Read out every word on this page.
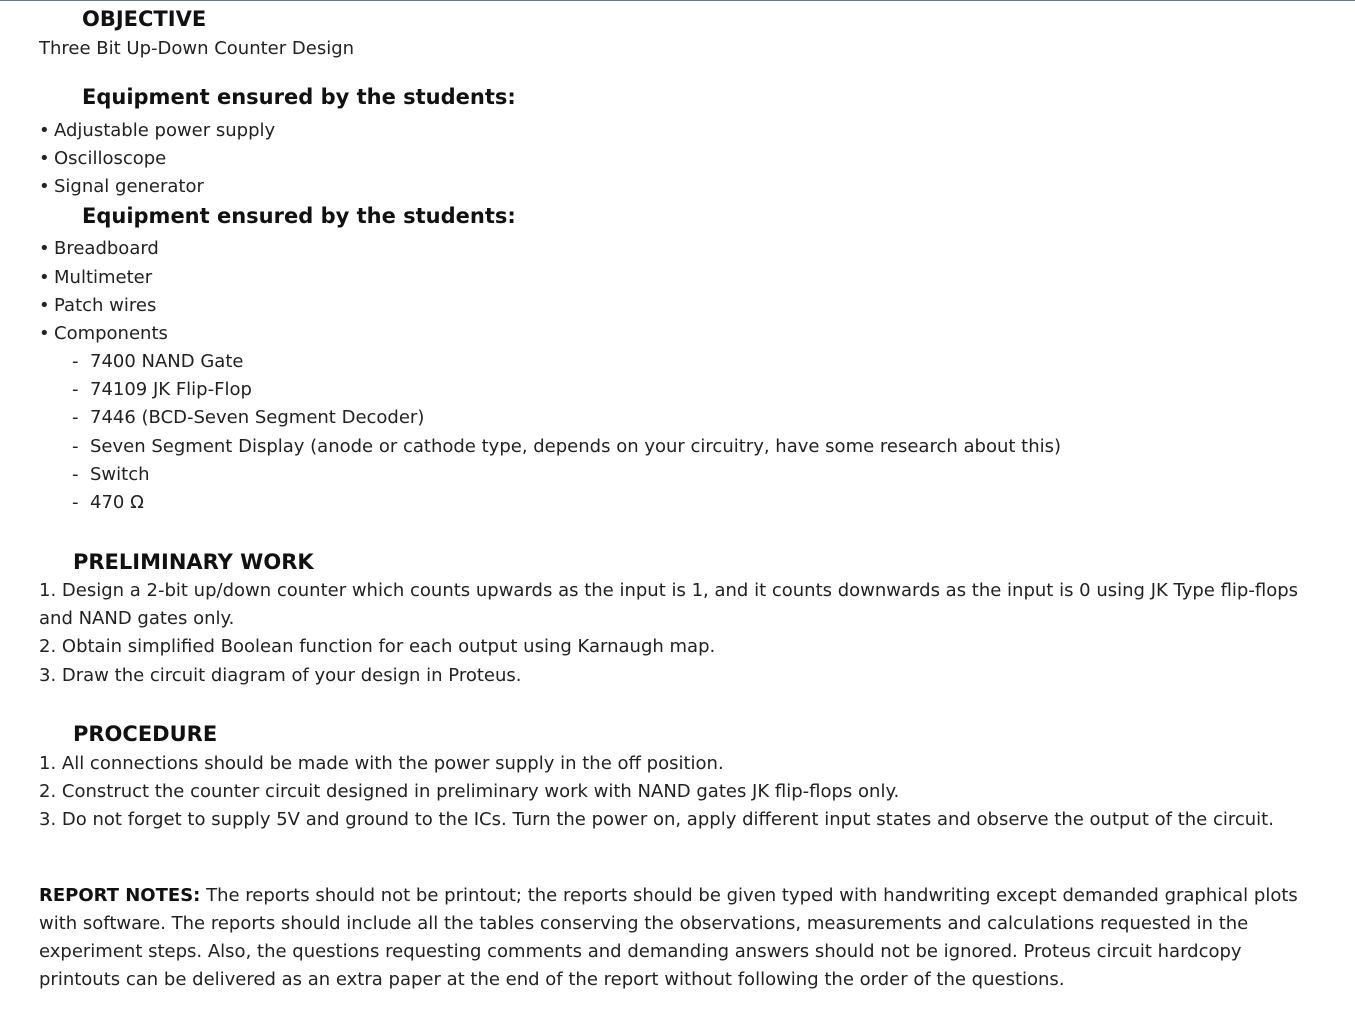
OBJECTIVE
Three Bit Up-Down Counter Design
Equipment ensured by the students:
• Adjustable power supply
• Oscilloscope
• Signal generator
Equipment ensured by the students:
• Breadboard
• Multimeter
• Patch wires
• Components
- 7400 NAND Gate
- 74109 JK Flip-Flop
- 7446 (BCD-Seven Segment Decoder)
- Seven Segment Display (anode or cathode type, depends on your circuitry, have some research about this)
- Switch
- 470 Ω
PRELIMINARY WORK
1. Design a 2-bit up/down counter which counts upwards as the input is 1, and it counts downwards as the input is 0 using JK Type flip-flops and NAND gates only.
2. Obtain simplified Boolean function for each output using Karnaugh map.
3. Draw the circuit diagram of your design in Proteus.
PROCEDURE
1. All connections should be made with the power supply in the off position.
2. Construct the counter circuit designed in preliminary work with NAND gates JK flip-flops only.
3. Do not forget to supply 5V and ground to the ICs. Turn the power on, apply different input states and observe the output of the circuit.
REPORT NOTES: The reports should not be printout; the reports should be given typed with handwriting except demanded graphical plots with software. The reports should include all the tables conserving the observations, measurements and calculations requested in the experiment steps. Also, the questions requesting comments and demanding answers should not be ignored. Proteus circuit hardcopy printouts can be delivered as an extra paper at the end of the report without following the order of the questions.
